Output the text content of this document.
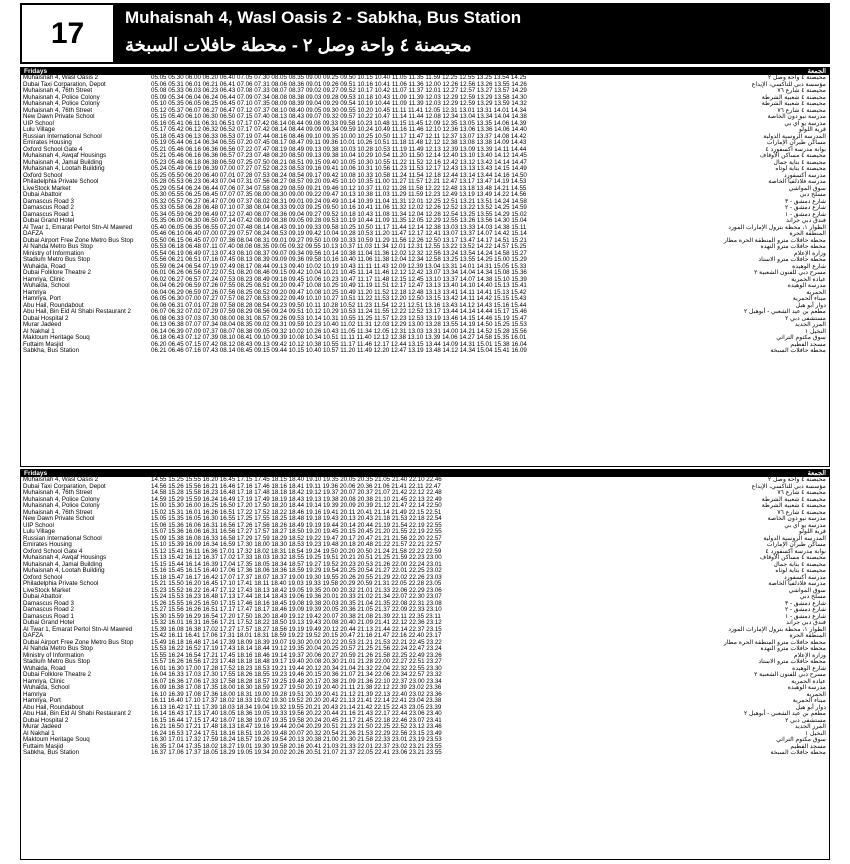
17	Muhaisnah 4, Wasl Oasis 2 - Sabkha, Bus Station
محيصنة ٤ واحة وصل ٢ - محطة حافلات السبخة
Fridays	الجمعة
Muhaisnah 4, Wasl Oasis 2	05.05 05.30 06.00 06.20 06.40 07.05 07.30 08.05 08.35 09.00 09.25 09.50 10.15 10.40 11.05 11.35 11.59 12.25 12.55 13.25 13.54 14.25	محيصنة ٤ واحة وصل ٢
Dubai Taxi Corparation, Depot	05.06 05.31 06.01 06.21 06.41 07.06 07.31 08.06 08.36 09.01 09.26 09.51 10.16 10.41 11.06 11.36 12.00 12.26 12.56 13.26 13.55 14.26	مؤسسة دبي للتاكسي، الإيداع
Muhaisnah 4, 76th Street	05.08 05.33 06.03 06.23 06.43 07.08 07.33 08.07 08.37 09.02 09.27 09.52 10.17 10.42 11.07 11.37 12.01 12.27 12.57 13.27 13.57 14.29	محيصنة ٤ شارع ٧٦
Muhaisnah 4, Police Colony	05.09 05.34 06.04 06.24 06.44 07.09 07.34 08.08 08.38 09.03 09.28 09.53 10.18 10.43 11.09 11.39 12.03 12.29 12.59 13.29 13.58 14.30	محيصنة ٤ شعبية الشرطة
Muhaisnah 4, Police Colony	05.10 05.35 06.05 06.25 06.45 07.10 07.35 08.09 08.39 09.04 09.29 09.54 10.19 10.44 11.09 11.39 12.03 12.29 12.59 13.29 13.59 14.32	محيصنة ٤ شعبية الشرطة
Muhaisnah 4, 76th Street	05.12 05.37 06.07 06.27 06.47 07.12 07.37 08.10 08.40 09.05 09.30 09.55 10.20 10.45 11.11 11.41 12.05 12.31 13.01 13.31 14.01 14.34	محيصنة ٤ شارع ٧٦
New Dawn Private School	05.15 05.40 06.10 06.30 06.50 07.15 07.40 08.13 08.43 09.07 09.32 09.57 10.22 10.47 11.14 11.44 12.08 12.34 13.04 13.34 14.04 14.38	مدرسة نيو دون الخاصة
UIP School	05.16 05.41 06.11 06.31 06.51 07.17 07.42 08.14 08.44 09.08 09.33 09.58 10.23 10.48 11.15 11.45 12.09 12.35 13.05 13.35 14.06 14.39	مدرسة يو آي بي
Lulu Village	05.17 05.42 06.12 06.32 06.52 07.17 07.42 08.14 08.44 09.09 09.34 09.59 10.24 10.49 11.16 11.46 12.10 12.36 13.06 13.36 14.06 14.40	قرية اللولو
Russian International School	05.18 05.43 06.13 06.33 06.53 07.19 07.44 08.16 08.46 09.10 09.35 10.00 10.25 10.50 11.17 11.47 12.11 12.37 13.07 13.37 14.08 14.42	المدرسة الروسية الدولية
Emirates Housing	05.19 05.44 06.14 06.34 06.55 07.20 07.45 08.17 08.47 09.11 09.36 10.01 10.26 10.51 11.18 11.48 12.12 12.38 13.08 13.38 14.09 14.43	مساكن طيران الإمارات
Oxford School Gate 4	05.21 05.46 06.16 06.36 06.56 07.22 07.47 08.19 08.49 09.13 09.38 10.03 10.28 10.53 11.19 11.49 12.13 12.39 13.09 13.39 14.11 14.44	بوابة مدرسة أكسفورد ٤
Muhaisnah 4, Awqaf Housings	05.21 05.46 06.16 06.36 06.57 07.23 07.48 08.20 08.50 09.13 09.38 10.04 10.29 10.54 11.20 11.50 12.14 12.40 13.10 13.40 14.12 14.45	محيصنة ٤ مساكن الأوقاف
Muhaisnah 4, Jamal Building	05.23 05.48 06.18 06.38 06.59 07.25 07.50 08.21 08.51 09.15 09.40 10.05 10.30 10.55 11.22 11.52 12.16 12.42 13.12 13.42 14.14 14.47	محيصنة ٤ بناية جمال
Muhaisnah 4, Lootah Building	05.24 05.49 06.19 06.39 07.00 07.27 07.52 08.23 08.53 09.16 09.41 10.06 10.31 10.56 11.23 11.53 12.17 12.43 13.13 13.43 14.15 14.49	محيصنة ٤ بناية لوتاه
Oxford School	05.25 05.50 06.20 06.40 07.01 07.28 07.53 08.24 08.54 09.17 09.42 10.08 10.33 10.58 11.24 11.54 12.18 12.44 13.14 13.44 14.16 14.50	مدرسة أكسفورد
Philadelphia Private School	05.28 05.53 06.23 06.43 07.04 07.31 07.56 08.27 08.57 09.20 09.45 10.10 10.35 11.00 11.27 11.57 12.21 12.47 13.17 13.47 14.19 14.53	مدرسة فلادلفيا الخاصة
LiveStock Market	05.29 05.54 06.24 06.44 07.06 07.34 07.58 08.29 08.59 09.21 09.46 10.12 10.37 11.02 11.28 11.58 12.22 12.48 13.18 13.48 14.21 14.55	سوق المواشي
Dubai Abattoir	05.30 05.55 06.25 06.45 07.07 07.35 08.00 08.30 09.00 09.22 09.47 10.13 10.38 11.03 11.29 11.59 12.23 12.49 13.19 13.49 14.22 14.56	مسلخ دبي
Damascus Road 3	05.32 05.57 06.27 06.47 07.09 07.37 08.02 08.31 09.01 09.24 09.49 10.14 10.39 11.04 11.31 12.01 12.25 12.51 13.21 13.51 14.24 14.58	شارع دمشق - ٣
Damascus Road 2	05.33 05.58 06.28 06.48 07.10 07.38 08.04 08.33 09.03 09.25 09.50 10.16 10.41 11.06 11.32 12.02 12.26 12.52 13.22 13.52 14.25 14.59	شارع دمشق - ٢
Damascus Road 1	05.34 05.59 06.29 06.49 07.12 07.40 08.07 08.36 09.04 09.27 09.52 10.18 10.43 11.08 11.34 12.04 12.28 12.54 13.25 13.55 14.29 15.02	شارع دمشق - ١
Dubai Grand Hotel	05.35 06.00 06.30 06.50 07.14 07.42 08.09 08.38 09.05 09.28 09.53 10.19 10.44 11.09 11.35 12.05 12.29 12.55 13.26 13.56 14.30 15.04	فندق دبي جراند
Al Twar 1, Emarat Pertol Stn-Al Mawred	05.40 06.05 06.35 06.55 07.20 07.48 08.14 08.43 09.10 09.33 09.58 10.25 10.50 11.17 11.44 12.14 12.38 13.03 13.33 14.03 14.38 15.11	الطوار ١، محطة بترول الإمارات المورد
DAFZA	05.46 06.10 06.40 07.00 07.29 07.57 08.24 08.53 09.19 09.42 10.04 10.28 10.53 11.20 11.47 12.17 12.41 13.07 13.37 14.07 14.42 15.14	المنطقة الحرة
Dubai Airport Free Zone Metro Bus Stop	05.50 06.15 06.45 07.07 07.36 08.04 08.31 09.01 09.27 09.50 10.09 10.33 10.59 11.29 11.56 12.26 12.50 13.17 13.47 14.17 14.51 15.21	محطة حافلات مترو المنطقة الحرة مطار
Al Nahda Metro Bus Stop	05.53 06.18 06.48 07.11 07.40 08.08 08.35 09.05 09.32 09.55 10.13 10.37 11.03 11.34 12.01 12.31 12.55 13.22 13.52 14.22 14.57 15.25	محطة حافلات مترو النهدة
Ministry of Information	05.54 06.19 06.49 07.13 07.43 08.10 08.37 09.07 09.34 09.56 10.14 10.38 11.04 11.36 12.02 12.32 12.56 13.24 13.54 14.24 14.58 15.27	وزارة الإعلام
Stadium Metro Bus Stop	05.56 06.21 06.51 07.16 07.45 08.13 08.39 09.09 09.36 09.58 10.16 10.40 11.06 11.38 12.04 12.34 12.58 13.25 13.55 14.25 15.00 15.29	محطة حافلات مترو الاستاد
Wuhaida, Road	05.59 06.24 06.54 07.19 07.49 08.17 08.44 09.13 09.40 10.02 10.19 10.43 11.11 11.43 12.09 12.39 13.04 13.31 14.01 14.31 15.05 15.33	شارع الوهيدة
Dubai Folklore Theatre 2	06.01 06.26 06.56 07.22 07.51 08.20 08.46 09.15 09.42 10.04 10.21 10.45 11.14 11.46 12.12 12.42 13.07 13.34 14.04 14.34 15.08 15.36	مسرح دبي للفنون الشعبية ٢
Hamriya, Clinic	06.02 06.27 06.57 07.24 07.53 08.23 08.49 09.18 09.45 10.06 10.23 10.47 11.17 11.48 12.15 12.45 13.10 13.37 14.07 14.38 15.10 15.39	عيادة الحمرية
Wuhaida, School	06.04 06.29 06.59 07.26 07.55 08.25 08.51 09.20 09.47 10.08 10.25 10.49 11.19 11.51 12.17 12.47 13.13 13.40 14.10 14.40 15.13 15.41	مدرسة الوهيدة
Hamriya	06.04 06.29 06.59 07.26 07.56 08.25 08.52 09.20 09.47 10.08 10.25 10.49 11.20 11.52 12.18 12.48 13.13 13.41 14.11 14.41 15.13 15.42	الحمرية
Hamriya, Port	06.05 06.30 07.00 07.27 07.57 08.27 08.53 09.22 09.49 10.10 10.27 10.51 11.22 11.53 12.20 12.50 13.15 13.42 14.11 14.42 15.15 15.43	ميناء الحمرية
Abu Hail, Roundabout	06.06 06.31 07.01 07.28 07.58 08.28 08.54 09.23 09.50 10.11 10.28 10.52 11.23 11.54 12.21 12.51 13.16 13.43 14.12 14.43 15.16 15.44	دوار أبو هيل
Abu Hail, Bin Eid Al Shabi Restaurant 2	06.07 06.32 07.02 07.29 07.59 08.29 08.56 09.24 09.51 10.12 10.29 10.53 11.24 11.55 12.22 12.52 13.17 13.44 14.14 14.44 15.17 15.46	مطعم بن عيد الشعبي - أبوهيل ٢
Dubai Hospital 2	06.08 06.33 07.03 07.30 08.00 08.31 08.57 09.26 09.53 10.14 10.31 10.55 11.25 11.57 12.23 12.53 13.19 13.46 14.15 14.46 15.19 15.47	مستشفى دبي ٢
Murar Jadeed	06.13 06.38 07.07 07.34 08.04 08.35 09.02 09.31 09.59 10.23 10.40 11.02 11.31 12.03 12.29 13.00 13.28 13.55 14.19 14.50 15.25 15.53	المرر الجديد
Al Nakhal 1	06.14 06.39 07.09 07.37 08.07 08.38 09.05 09.32 10.02 10.26 10.43 11.05 11.34 12.05 12.31 13.03 13.31 14.00 14.21 14.52 15.28 15.56	النخيل ١
Maktoum Heritage Souq	06.18 06.43 07.12 07.39 08.10 08.41 09.10 09.39 10.08 10.34 10.51 11.11 11.40 12.12 12.38 13.10 13.39 14.06 14.27 14.58 15.35 16.01	سوق مكتوم التراثي
Futtaim Masjid	06.20 06.45 07.15 07.42 08.12 08.43 09.13 09.42 10.12 10.38 10.55 11.17 11.46 12.17 12.44 13.15 13.44 14.09 14.31 15.01 15.38 16.04	مسجد الفطيم
Sabkha, Bus Station	06.21 06.46 07.16 07.43 08.14 08.45 09.15 09.44 10.15 10.40 10.57 11.20 11.49 12.20 12.47 13.19 13.48 14.12 14.34 15.04 15.41 16.09	محطة حافلات السبخة
Fridays	الجمعة
Muhaisnah 4, Wasl Oasis 2	14.55 15.25 15.55 16.20 16.45 17.15 17.45 18.15 18.40 19.10 19.35 20.05 20.35 21.05 21.40 22.10 22.46	محيصنة ٤ واحة وصل ٢
Dubai Taxi Corparation, Depot	14.56 15.26 15.56 16.21 16.46 17.16 17.46 18.16 18.41 19.11 19.36 20.06 20.36 21.06 21.41 22.11 22.47	مؤسسة دبي للتاكسي، الإيداع
Muhaisnah 4, 76th Street	14.58 15.28 15.58 16.23 16.48 17.18 17.48 18.18 18.42 19.12 19.37 20.07 20.37 21.07 21.42 22.12 22.48	محيصنة ٤ شارع ٧٦
Muhaisnah 4, Police Colony	14.59 15.29 15.59 16.24 16.49 17.19 17.49 18.19 18.43 19.13 19.38 20.08 20.38 21.10 21.45 22.13 22.49	محيصنة ٤ شعبية الشرطة
Muhaisnah 4, Police Colony	15.00 15.30 16.00 16.25 16.50 17.20 17.50 18.20 18.44 19.14 19.39 20.09 20.39 21.12 21.47 22.14 22.50	محيصنة ٤ شعبية الشرطة
Muhaisnah 4, 76th Street	15.02 15.31 16.01 16.26 16.51 17.22 17.52 18.22 18.46 19.16 19.41 20.11 20.41 21.14 21.49 22.15 22.51	محيصنة ٤ شارع ٧٦
New Dawn Private School	15.05 15.35 16.05 16.30 16.55 17.25 17.55 18.25 18.48 19.18 19.43 20.13 20.43 21.18 21.53 22.18 22.54	مدرسة نيو دون الخاصة
UIP School	15.06 15.36 16.06 16.31 16.56 17.26 17.56 18.26 18.49 19.19 19.44 20.14 20.44 21.19 21.54 22.19 22.55	مدرسة يو آي بي
Lulu Village	15.07 15.36 16.06 16.31 16.56 17.27 17.57 18.27 18.50 19.20 19.45 20.15 20.45 21.20 21.55 22.19 22.55	قرية اللولو
Russian International School	15.09 15.38 16.08 16.33 16.58 17.29 17.59 18.29 18.52 19.22 19.47 20.17 20.47 21.21 21.56 22.20 22.57	المدرسة الروسية الدولية
Emirates Housing	15.10 15.39 16.09 16.34 16.59 17.30 18.00 18.30 18.53 19.23 19.48 20.18 20.48 21.22 21.57 22.21 22.57	مساكن طيران الإمارات
Oxford School Gate 4	15.12 15.41 16.11 16.36 17.01 17.32 18.02 18.31 18.54 19.24 19.50 20.20 20.50 21.24 21.58 22.22 22.59	بوابة مدرسة أكسفورد ٤
Muhaisnah 4, Awqaf Housings	15.13 15.42 16.12 16.37 17.02 17.33 18.03 18.32 18.55 19.25 19.51 20.21 20.51 21.25 21.59 22.23 23.00	محيصنة ٤ مساكن الأوقاف
Muhaisnah 4, Jamal Building	15.15 15.44 16.14 16.39 17.04 17.35 18.05 18.34 18.57 19.27 19.52 20.23 20.53 21.26 22.00 22.24 23.01	محيصنة ٤ بناية جمال
Muhaisnah 4, Lootah Building	15.16 15.45 16.15 16.40 17.06 17.36 18.06 18.36 18.59 19.29 19.54 20.25 20.54 21.27 22.01 22.25 23.02	محيصنة ٤ بناية لوتاه
Oxford School	15.18 15.47 16.17 16.42 17.07 17.37 18.07 18.37 19.00 19.30 19.55 20.26 20.55 21.29 22.02 22.26 23.03	مدرسة أكسفورد
Philadelphia Private School	15.21 15.50 16.20 16.45 17.10 17.41 18.11 18.40 19.03 19.33 19.58 20.29 20.59 21.31 22.05 22.28 23.05	مدرسة فلادلفيا الخاصة
LiveStock Market	15.23 15.52 16.22 16.47 17.12 17.43 18.13 18.42 19.05 19.35 20.00 20.32 21.01 21.33 22.06 22.29 23.06	سوق المواشي
Dubai Abattoir	15.24 15.53 16.23 16.48 17.13 17.44 18.14 18.43 19.06 19.36 20.01 20.33 21.02 21.34 22.07 22.30 23.07	مسلخ دبي
Damascus Road 3	15.26 15.55 16.25 16.50 17.15 17.46 18.16 18.45 19.08 19.38 20.03 20.35 21.04 21.35 22.08 22.31 23.08	شارع دمشق - ٣
Damascus Road 2	15.27 15.56 16.26 16.51 17.17 17.47 18.17 18.46 19.09 19.39 20.05 20.36 21.05 21.37 22.09 22.33 23.10	شارع دمشق - ٢
Damascus Road 1	15.30 15.59 16.29 16.54 17.20 17.50 18.20 18.49 19.12 19.42 20.07 20.38 21.08 21.39 22.11 22.35 23.11	شارع دمشق - ١
Dubai Grand Hotel	15.32 16.01 16.31 16.56 17.21 17.52 18.22 18.50 19.13 19.43 20.08 20.40 21.09 21.41 22.12 22.36 23.12	فندق دبي جراند
Al Twar 1, Emarat Pertol Stn-Al Mawred	15.39 16.08 16.38 17.02 17.27 17.57 18.27 18.56 19.19 19.49 20.12 20.44 21.13 21.44 22.14 22.37 23.15	الطوار ١، محطة بترول الإمارات المورد
DAFZA	15.42 16.11 16.41 17.06 17.31 18.01 18.31 18.59 19.22 19.52 20.15 20.47 21.16 21.47 22.16 22.40 23.17	المنطقة الحرة
Dubai Airport Free Zone Metro Bus Stop	15.49 16.18 16.48 17.14 17.39 18.09 18.39 19.07 19.30 20.00 20.22 20.53 21.21 21.53 22.21 22.45 23.22	محطة حافلات مترو المنطقة الحرة مطار
Al Nahda Metro Bus Stop	15.53 16.22 16.52 17.19 17.43 18.14 18.44 19.12 19.35 20.04 20.25 20.57 21.25 21.56 22.24 22.47 23.24	محطة حافلات مترو النهدة
Ministry of Information	15.55 16.24 16.54 17.21 17.45 18.16 18.46 19.14 19.37 20.06 20.27 20.59 21.26 21.58 22.25 22.49 23.26	وزارة الإعلام
Stadium Metro Bus Stop	15.57 16.26 16.56 17.23 17.48 18.18 18.48 19.17 19.40 20.08 20.30 21.01 21.28 22.00 22.27 22.51 23.27	محطة حافلات مترو الاستاد
Wuhaida, Road	16.01 16.30 17.00 17.28 17.52 18.23 18.53 19.21 19.44 20.12 20.34 21.04 21.32 22.04 22.32 22.55 23.30	شارع الوهيدة
Dubai Folklore Theatre 2	16.04 16.33 17.03 17.30 17.55 18.26 18.55 19.23 19.46 20.15 20.36 21.07 21.34 22.06 22.34 22.57 23.32	مسرح دبي للفنون الشعبية ٢
Hamriya, Clinic	16.07 16.36 17.06 17.33 17.58 18.28 18.57 19.25 19.48 20.17 20.38 21.09 21.36 22.10 22.37 23.00 23.34	عيادة الحمرية
Wuhaida, School	16.09 16.38 17.08 17.35 18.00 18.30 18.59 19.27 19.50 20.19 20.40 21.11 21.38 22.12 22.39 23.02 23.36	مدرسة الوهيدة
Hamriya	16.10 16.39 17.08 17.36 18.00 18.31 19.00 19.28 19.51 20.19 20.41 21.12 21.39 22.13 22.40 23.02 23.36	الحمرية
Hamriya, Port	16.11 16.40 17.10 17.37 18.02 18.33 19.02 19.30 19.52 20.20 20.42 21.13 21.41 22.14 22.41 23.04 23.38	ميناء الحمرية
Abu Hail, Roundabout	16.13 16.42 17.11 17.39 18.03 18.34 19.04 19.32 19.55 20.21 20.43 21.14 21.42 22.15 22.43 23.05 23.39	دوار أبو هيل
Abu Hail, Bin Eid Al Shabi Restaurant 2	16.14 16.43 17.13 17.40 18.05 18.36 19.05 19.33 19.56 20.22 20.44 21.16 21.43 22.17 22.44 23.06 23.40	مطعم بن عيد الشعبي - أبوهيل ٢
Dubai Hospital 2	16.15 16.44 17.15 17.42 18.07 18.38 19.07 19.35 19.58 20.24 20.45 21.17 21.45 22.18 22.46 23.07 23.41	مستشفى دبي ٢
Murar Jadeed	16.21 16.50 17.21 17.48 18.13 18.47 19.16 19.44 20.04 20.29 20.51 21.23 21.50 22.25 22.52 23.12 23.46	المرر الجديد
Al Nakhal 1	16.24 16.53 17.24 17.51 18.16 18.51 19.20 19.48 20.07 20.32 20.54 21.26 21.53 22.29 22.56 23.15 23.49	النخيل ١
Maktoum Heritage Souq	16.30 17.01 17.32 17.59 18.24 18.57 19.26 19.54 20.13 20.38 21.00 21.30 21.58 22.33 23.01 23.19 23.53	سوق مكتوم التراثي
Futtaim Masjid	16.35 17.04 17.35 18.02 18.27 19.01 19.30 19.58 20.16 20.41 21.03 21.33 22.01 22.37 23.02 23.21 23.55	مسجد الفطيم
Sabkha, Bus Station	16.37 17.06 17.37 18.05 18.29 19.05 19.34 20.02 20.26 20.51 21.07 21.37 22.05 22.41 23.06 23.21 23.55	محطة حافلات السبخة
